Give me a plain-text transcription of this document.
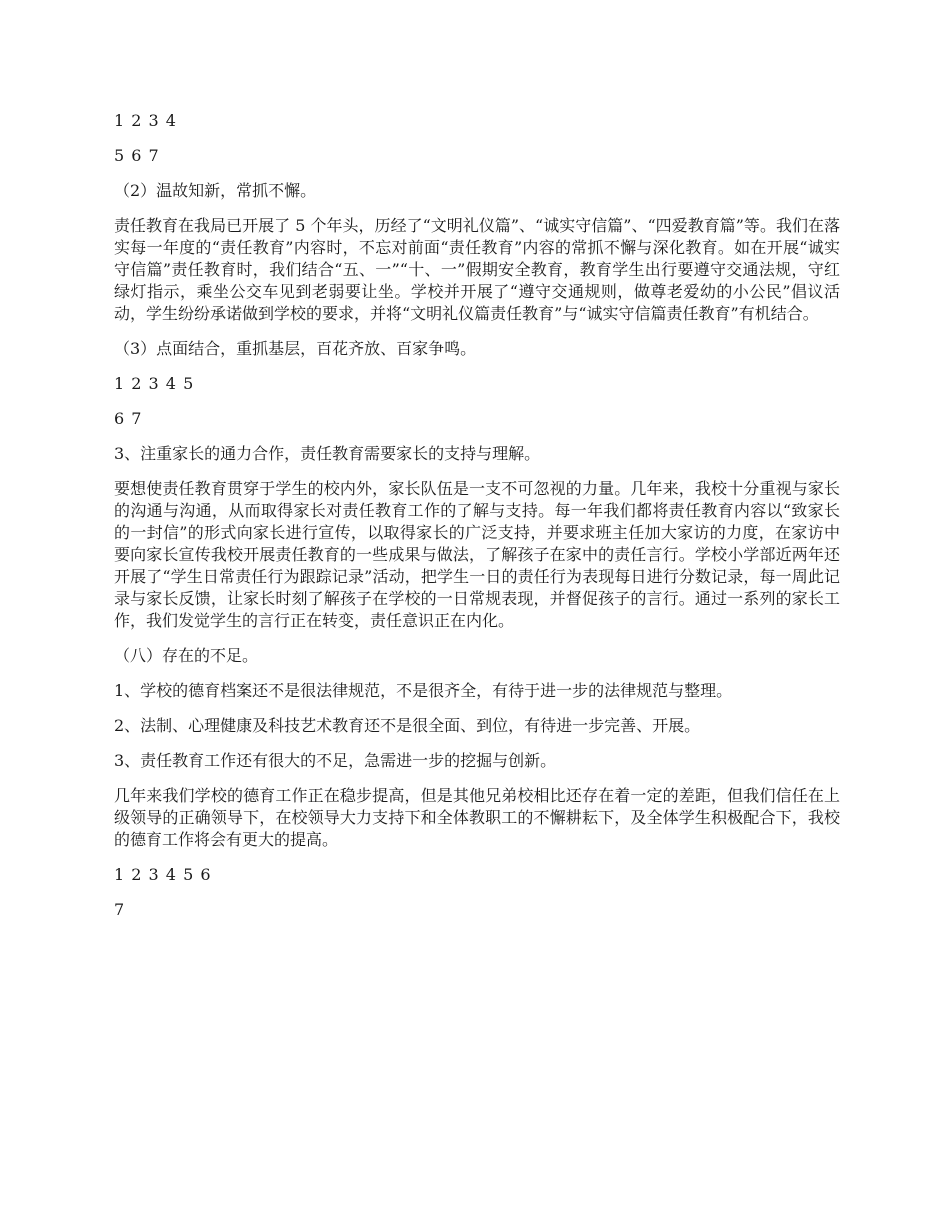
1 2 3 4

5 6 7

（2）温故知新，常抓不懈。

责任教育在我局已开展了 5 个年头，历经了“文明礼仪篇”、“诚实守信篇”、“四爱教育篇”等。我们在落实每一年度的“责任教育”内容时，不忘对前面“责任教育”内容的常抓不懈与深化教育。如在开展“诚实守信篇”责任教育时，我们结合“五、一”“十、一”假期安全教育，教育学生出行要遵守交通法规，守红绿灯指示，乘坐公交车见到老弱要让坐。学校并开展了“遵守交通规则，做尊老爱幼的小公民”倡议活动，学生纷纷承诺做到学校的要求，并将“文明礼仪篇责任教育”与“诚实守信篇责任教育”有机结合。

（3）点面结合，重抓基层，百花齐放、百家争鸣。

1 2 3 4 5

6 7

3、注重家长的通力合作，责任教育需要家长的支持与理解。

要想使责任教育贯穿于学生的校内外，家长队伍是一支不可忽视的力量。几年来，我校十分重视与家长的沟通与沟通，从而取得家长对责任教育工作的了解与支持。每一年我们都将责任教育内容以“致家长的一封信”的形式向家长进行宣传，以取得家长的广泛支持，并要求班主任加大家访的力度，在家访中要向家长宣传我校开展责任教育的一些成果与做法，了解孩子在家中的责任言行。学校小学部近两年还开展了“学生日常责任行为跟踪记录”活动，把学生一日的责任行为表现每日进行分数记录，每一周此记录与家长反馈，让家长时刻了解孩子在学校的一日常规表现，并督促孩子的言行。通过一系列的家长工作，我们发觉学生的言行正在转变，责任意识正在内化。

（八）存在的不足。

1、学校的德育档案还不是很法律规范，不是很齐全，有待于进一步的法律规范与整理。

2、法制、心理健康及科技艺术教育还不是很全面、到位，有待进一步完善、开展。

3、责任教育工作还有很大的不足，急需进一步的挖掘与创新。

几年来我们学校的德育工作正在稳步提高，但是其他兄弟校相比还存在着一定的差距，但我们信任在上级领导的正确领导下，在校领导大力支持下和全体教职工的不懈耕耘下，及全体学生积极配合下，我校的德育工作将会有更大的提高。

1 2 3 4 5 6

7
